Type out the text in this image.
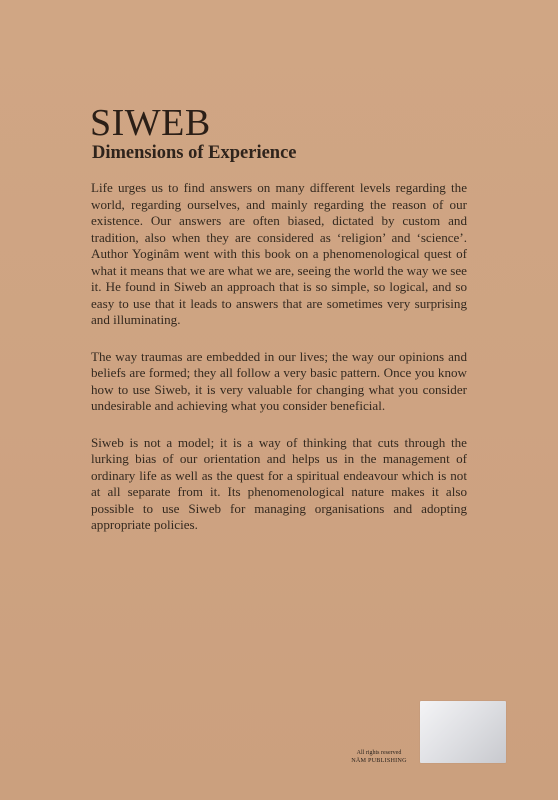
SIWEB
Dimensions of Experience

Life urges us to find answers on many different levels regarding the world, regarding ourselves, and mainly regarding the reason of our existence. Our answers are often biased, dictated by custom and tradition, also when they are considered as ‘religion’ and ‘science’. Author Yoginâm went with this book on a phenomenological quest of what it means that we are what we are, seeing the world the way we see it. He found in Siweb an approach that is so simple, so logical, and so easy to use that it leads to answers that are sometimes very surprising and illuminating.

The way traumas are embedded in our lives; the way our opinions and beliefs are formed; they all follow a very basic pattern. Once you know how to use Siweb, it is very valuable for changing what you consider undesirable and achieving what you consider beneficial.

Siweb is not a model; it is a way of thinking that cuts through the lurking bias of our orientation and helps us in the management of ordinary life as well as the quest for a spiritual endeavour which is not at all separate from it. Its phenomenological nature makes it also possible to use Siweb for managing organisations and adopting appropriate policies.

All rights reserved
NĀM PUBLISHING
